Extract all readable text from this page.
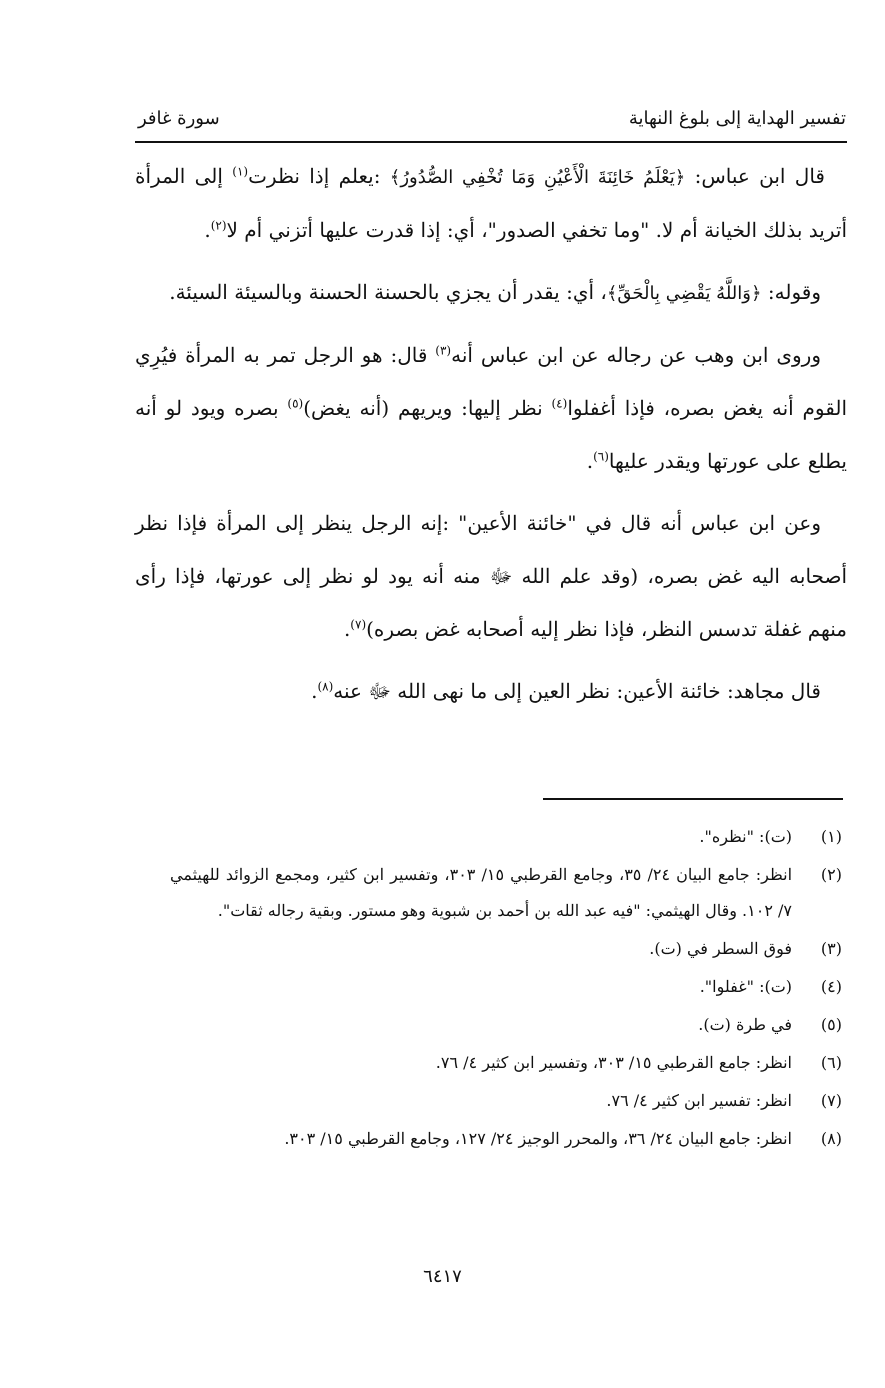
تفسير الهداية إلى بلوغ النهاية
سورة غافر

قال ابن عباس: ﴿يَعْلَمُ خَائِنَةَ الْأَعْيُنِ وَمَا تُخْفِي الصُّدُورُ﴾ :يعلم إذا نظرت$^{(١)}$ إلى المرأة أتريد بذلك الخيانة أم لا. "وما تخفي الصدور"، أي: إذا قدرت عليها أتزني أم لا$^{(٢)}$.

وقوله: ﴿وَاللَّهُ يَقْضِي بِالْحَقِّ﴾، أي: يقدر أن يجزي بالحسنة الحسنة وبالسيئة السيئة.

وروى ابن وهب عن رجاله عن ابن عباس أنه$^{(٣)}$ قال: هو الرجل تمر به المرأة فيُرِي القوم أنه يغض بصره، فإذا أغفلوا$^{(٤)}$ نظر إليها: ويريهم (أنه يغض)$^{(٥)}$ بصره ويود لو أنه يطلع على عورتها ويقدر عليها$^{(٦)}$.

وعن ابن عباس أنه قال في "خائنة الأعين" :إنه الرجل ينظر إلى المرأة فإذا نظر أصحابه اليه غض بصره، (وقد علم الله ﷻ منه أنه يود لو نظر إلى عورتها، فإذا رأى منهم غفلة تدسس النظر، فإذا نظر إليه أصحابه غض بصره)$^{(٧)}$.

قال مجاهد: خائنة الأعين: نظر العين إلى ما نهى الله ﷻ عنه$^{(٨)}$.

(١)
(ت): "نظره".
(٢)
انظر: جامع البيان ٢٤/ ٣٥، وجامع القرطبي ١٥/ ٣٠٣، وتفسير ابن كثير، ومجمع الزوائد للهيثمي ٧/ ١٠٢. وقال الهيثمي: "فيه عبد الله بن أحمد بن شبوية وهو مستور. وبقية رجاله ثقات".
(٣)
فوق السطر في (ت).
(٤)
(ت): "غفلوا".
(٥)
في طرة (ت).
(٦)
انظر: جامع القرطبي ١٥/ ٣٠٣، وتفسير ابن كثير ٤/ ٧٦.
(٧)
انظر: تفسير ابن كثير ٤/ ٧٦.
(٨)
انظر: جامع البيان ٢٤/ ٣٦، والمحرر الوجيز ٢٤/ ١٢٧، وجامع القرطبي ١٥/ ٣٠٣.
٦٤١٧
